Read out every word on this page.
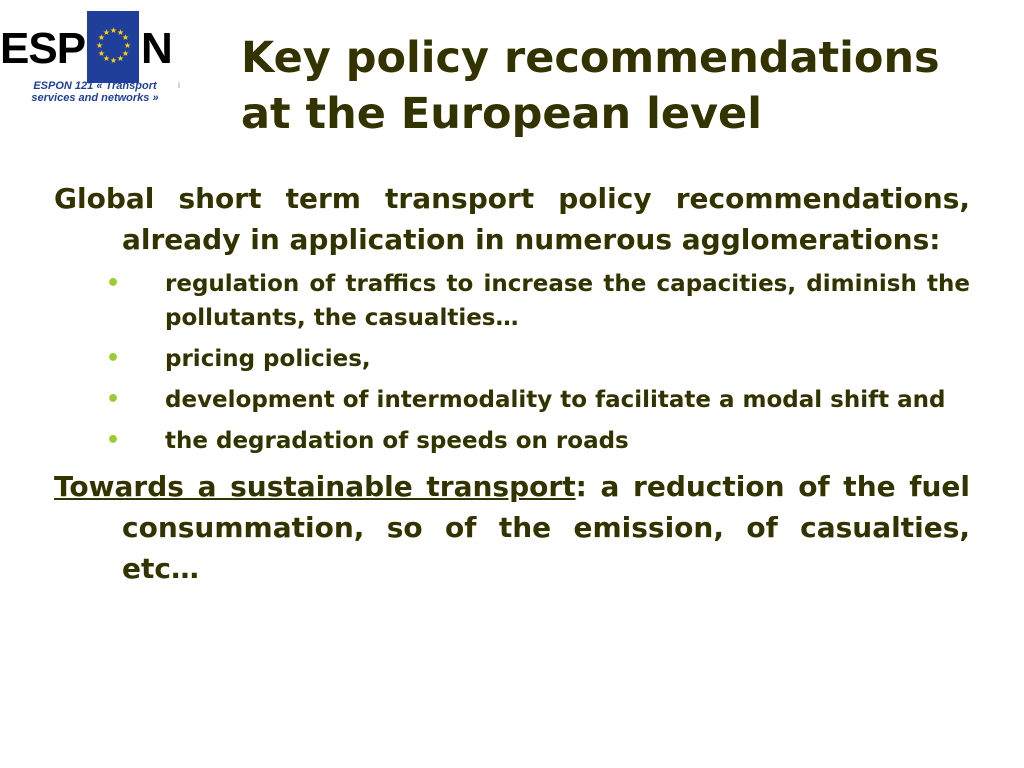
ESP	★ ★
★
★
★
★
★
★
★
★
★
★ N
ESPON 121 « Transport services and networks »
i
Key policy recommendations
at the European level

Global short term transport policy recommendations, already in application in numerous agglomerations:

• regulation of traffics to increase the capacities, diminish the pollutants, the casualties…
• pricing policies,
• development of intermodality to facilitate a modal shift and
• the degradation of speeds on roads

Towards a sustainable transport: a reduction of the fuel consummation, so of the emission, of casualties, etc…
